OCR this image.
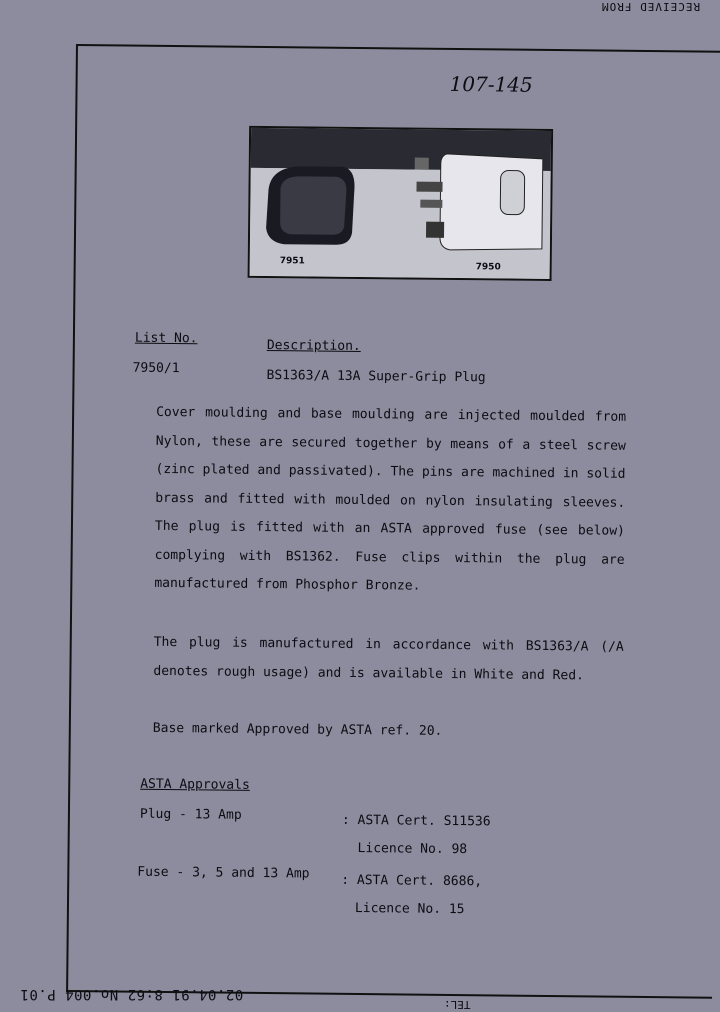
RECEIVED FROM
107-145
7951
7950
List No.	Description.
7950/1	BS1363/A 13A Super-Grip Plug
Cover moulding and base moulding are injected moulded from Nylon, these are secured together by means of a steel screw (zinc plated and passivated). The pins are machined in solid brass and fitted with moulded on nylon insulating sleeves. The plug is fitted with an ASTA approved fuse (see below) complying with BS1362. Fuse clips within the plug are manufactured from Phosphor Bronze.
The plug is manufactured in accordance with BS1363/A (/A denotes rough usage) and is available in White and Red.
Base marked Approved by ASTA ref. 20.
ASTA Approvals
Plug - 13 Amp	: ASTA Cert. S11536
Licence No. 98
Fuse - 3, 5 and 13 Amp : ASTA Cert. 8686,
Licence No. 15
02.04.91 8:62 No.004 P.01
TEL:
